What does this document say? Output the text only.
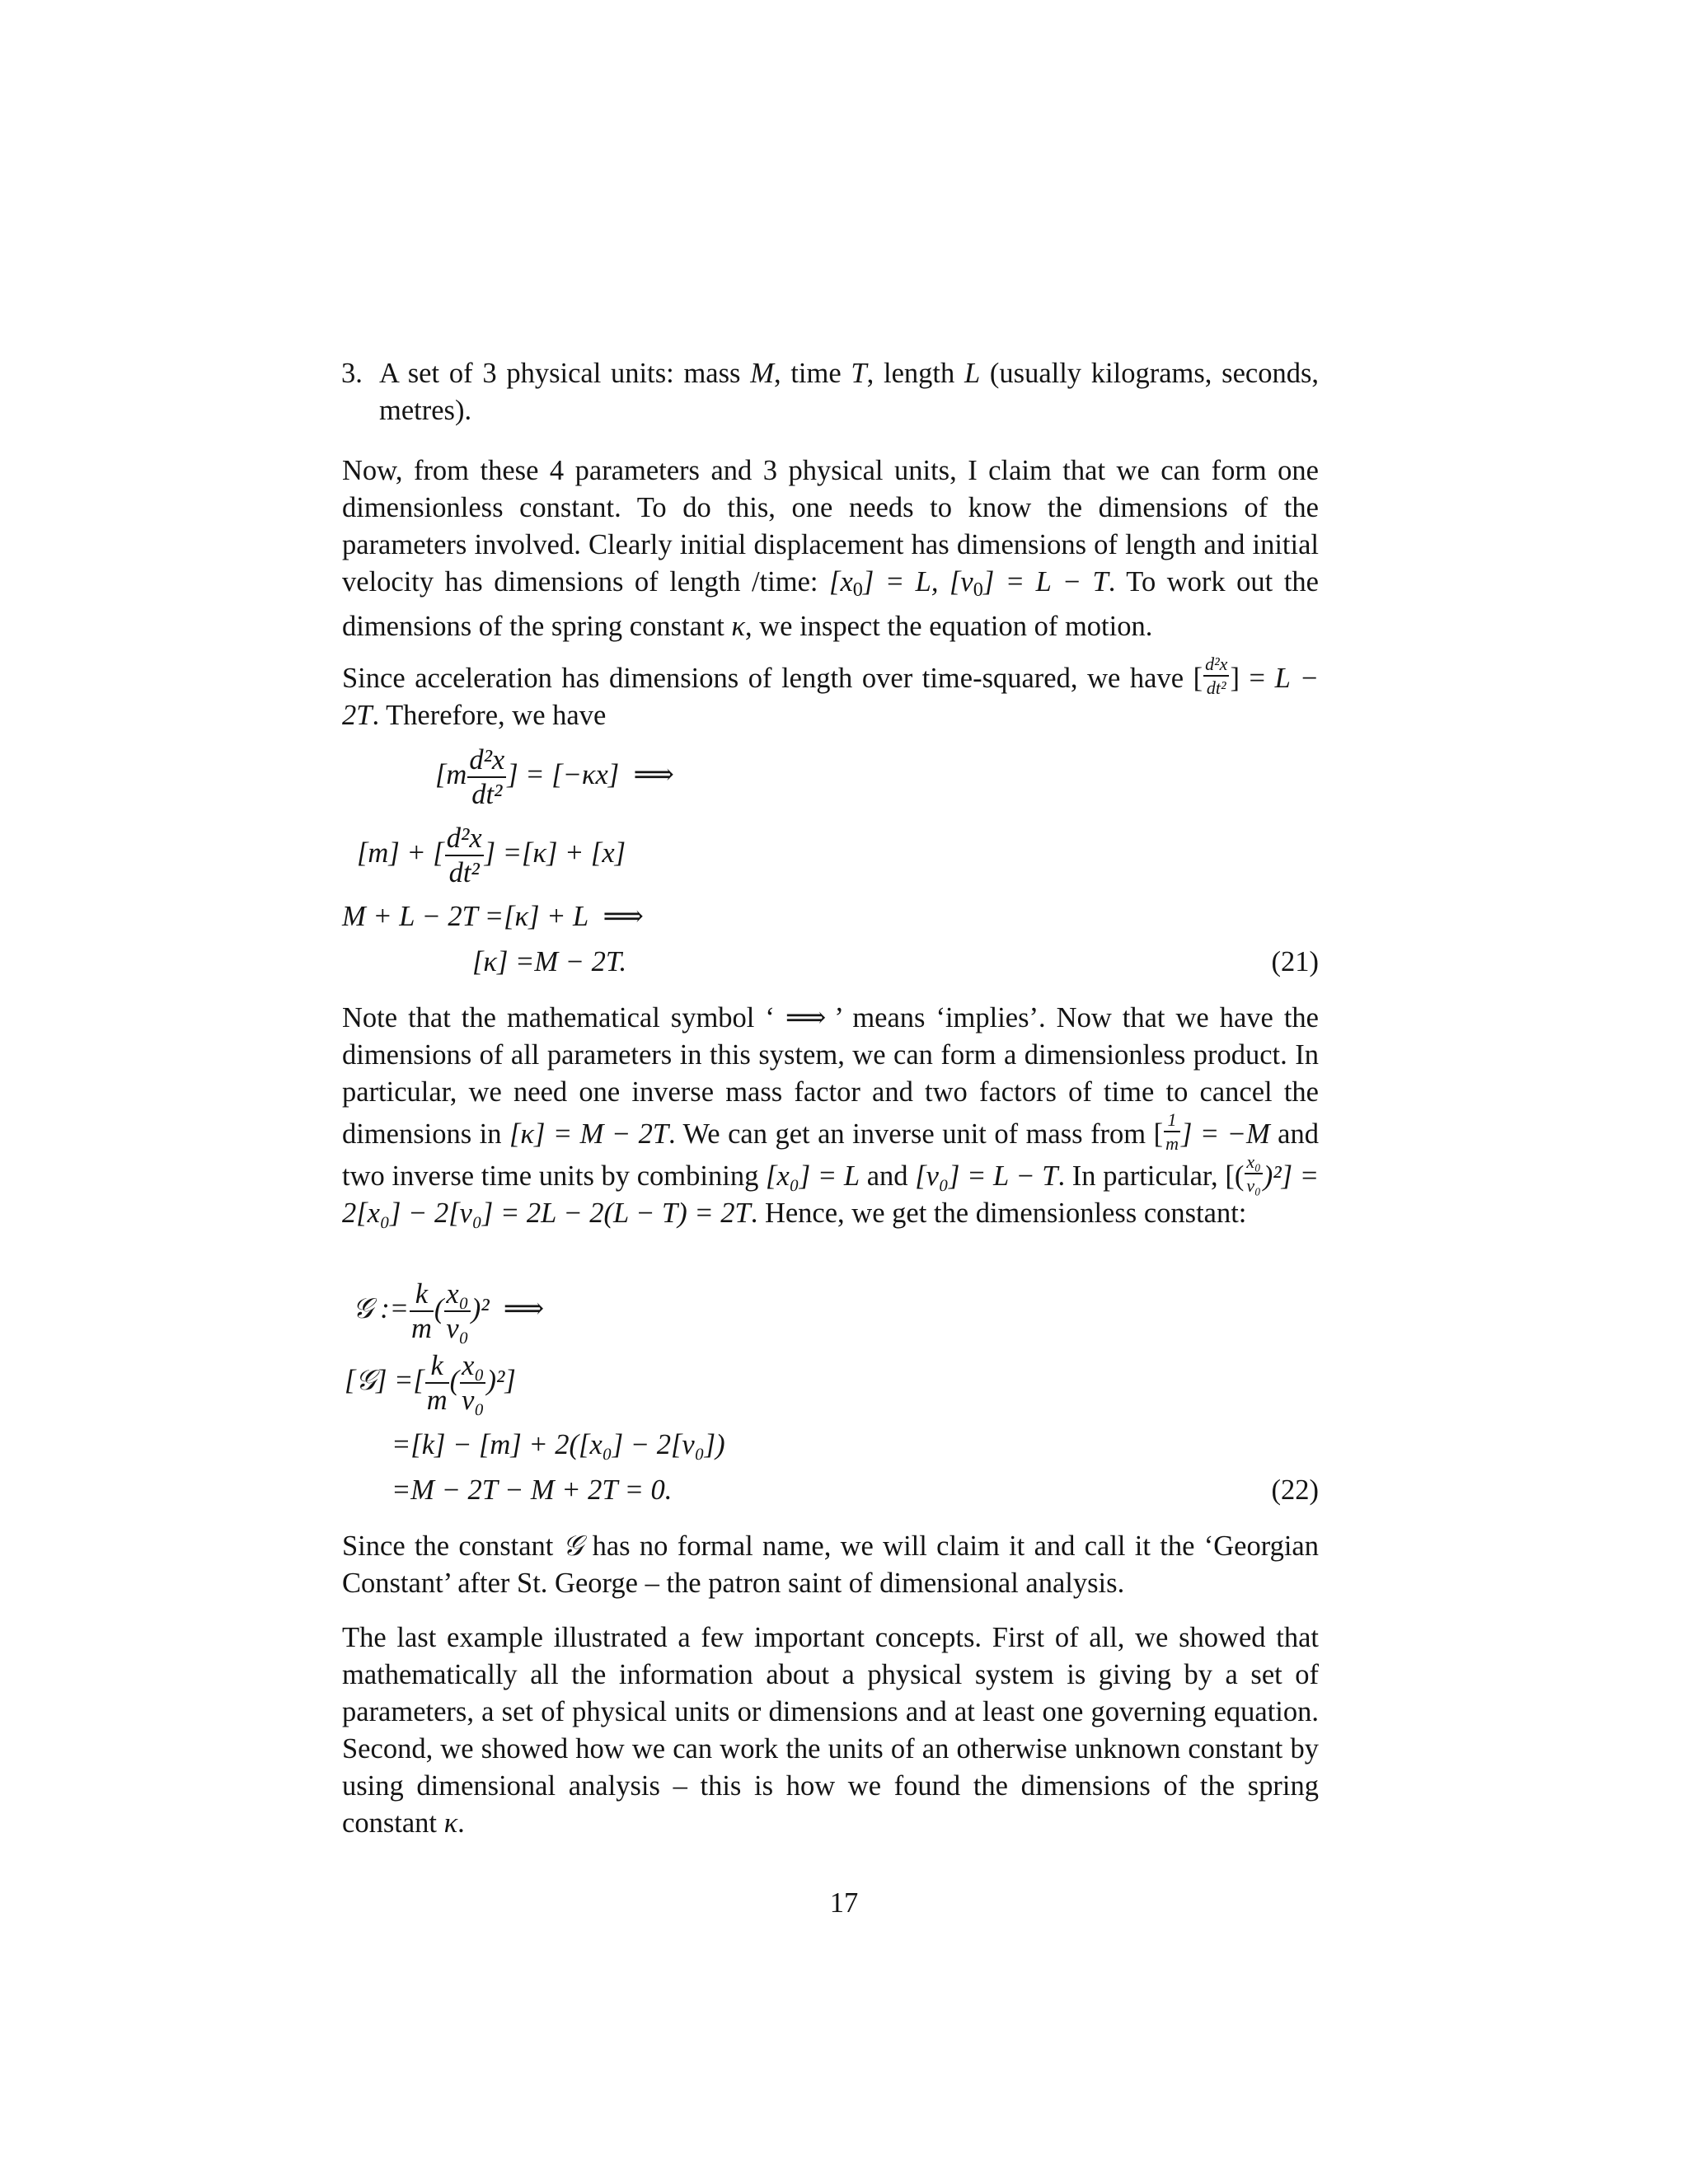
3. A set of 3 physical units: mass M, time T, length L (usually kilograms, seconds, metres).

Now, from these 4 parameters and 3 physical units, I claim that we can form one dimensionless constant. To do this, one needs to know the dimensions of the parameters involved. Clearly initial displacement has dimensions of length and initial velocity has dimensions of length /time: $[x_0] = L$, $[v_0] = L - T$. To work out the dimensions of the spring constant κ, we inspect the equation of motion.

Since acceleration has dimensions of length over time-squared, we have [ $\frac{\text{d²x}}{\text{dt²}}$ ] = L − 2T. Therefore, we have

[$m \frac{\text{d²x}}{\text{dt²}}$ ] = [−κx] ⟹
[m] + [ $\frac{\text{d²x}}{\text{dt²}}$ ] =[κ] + [x]
M + L − 2T =[κ] + L ⟹
[κ] =M − 2T.	(21)

Note that the mathematical symbol ‘ ⟹ ’ means ‘implies’. Now that we have the dimensions of all parameters in this system, we can form a dimensionless product. In particular, we need one inverse mass factor and two factors of time to cancel the dimensions in [κ] = M − 2T. We can get an inverse unit of mass from [ $\frac{1}{m}$ ] = −M and two inverse time units by combining [x₀] = L and [v₀] = L − T. In particular, [( $\frac{\text{x₀}}{\text{v₀}} )^2] = 2[x_0] - 2[v_0] = 2L - 2(L - T) = 2T$. Hence, we get the dimensionless constant:

𝒢 := $\frac{k}{m}$ ( $\frac{\text{x₀}}{\text{v₀}} )^2$ ⟹
[𝒢] =[ $\frac{k}{m}$ ( $\frac{\text{x₀}}{\text{v₀}} )^2$]
=[k] − [m] + 2([x₀] − 2[v₀])
=M − 2T − M + 2T = 0.	(22)

Since the constant 𝒢 has no formal name, we will claim it and call it the ‘Georgian Constant’ after St. George – the patron saint of dimensional analysis.

The last example illustrated a few important concepts. First of all, we showed that mathematically all the information about a physical system is giving by a set of parameters, a set of physical units or dimensions and at least one governing equation. Second, we showed how we can work the units of an otherwise unknown constant by using dimensional analysis – this is how we found the dimensions of the spring constant κ.

17
